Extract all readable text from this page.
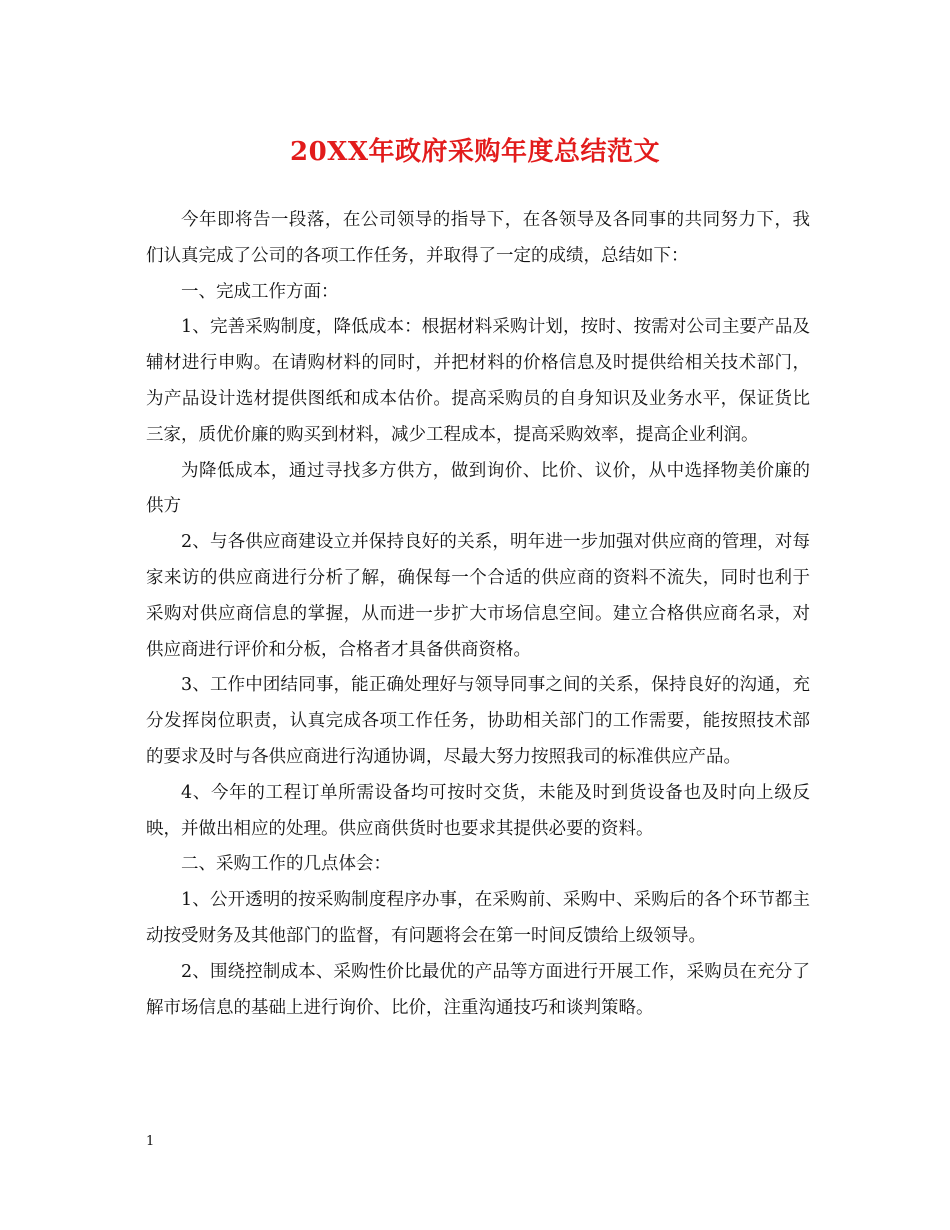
20XX年政府采购年度总结范文

今年即将告一段落，在公司领导的指导下，在各领导及各同事的共同努力下，我们认真完成了公司的各项工作任务，并取得了一定的成绩，总结如下：

一、完成工作方面：

1、完善采购制度，降低成本：根据材料采购计划，按时、按需对公司主要产品及辅材进行申购。在请购材料的同时，并把材料的价格信息及时提供给相关技术部门，为产品设计选材提供图纸和成本估价。提高采购员的自身知识及业务水平，保证货比三家，质优价廉的购买到材料，减少工程成本，提高采购效率，提高企业利润。

为降低成本，通过寻找多方供方，做到询价、比价、议价，从中选择物美价廉的供方

2、与各供应商建设立并保持良好的关系，明年进一步加强对供应商的管理，对每家来访的供应商进行分析了解，确保每一个合适的供应商的资料不流失，同时也利于采购对供应商信息的掌握，从而进一步扩大市场信息空间。建立合格供应商名录，对供应商进行评价和分板，合格者才具备供商资格。

3、工作中团结同事，能正确处理好与领导同事之间的关系，保持良好的沟通，充分发挥岗位职责，认真完成各项工作任务，协助相关部门的工作需要，能按照技术部的要求及时与各供应商进行沟通协调，尽最大努力按照我司的标准供应产品。

4、今年的工程订单所需设备均可按时交货，未能及时到货设备也及时向上级反映，并做出相应的处理。供应商供货时也要求其提供必要的资料。

二、采购工作的几点体会：

1、公开透明的按采购制度程序办事，在采购前、采购中、采购后的各个环节都主动按受财务及其他部门的监督，有问题将会在第一时间反馈给上级领导。

2、围绕控制成本、采购性价比最优的产品等方面进行开展工作，采购员在充分了解市场信息的基础上进行询价、比价，注重沟通技巧和谈判策略。

1
